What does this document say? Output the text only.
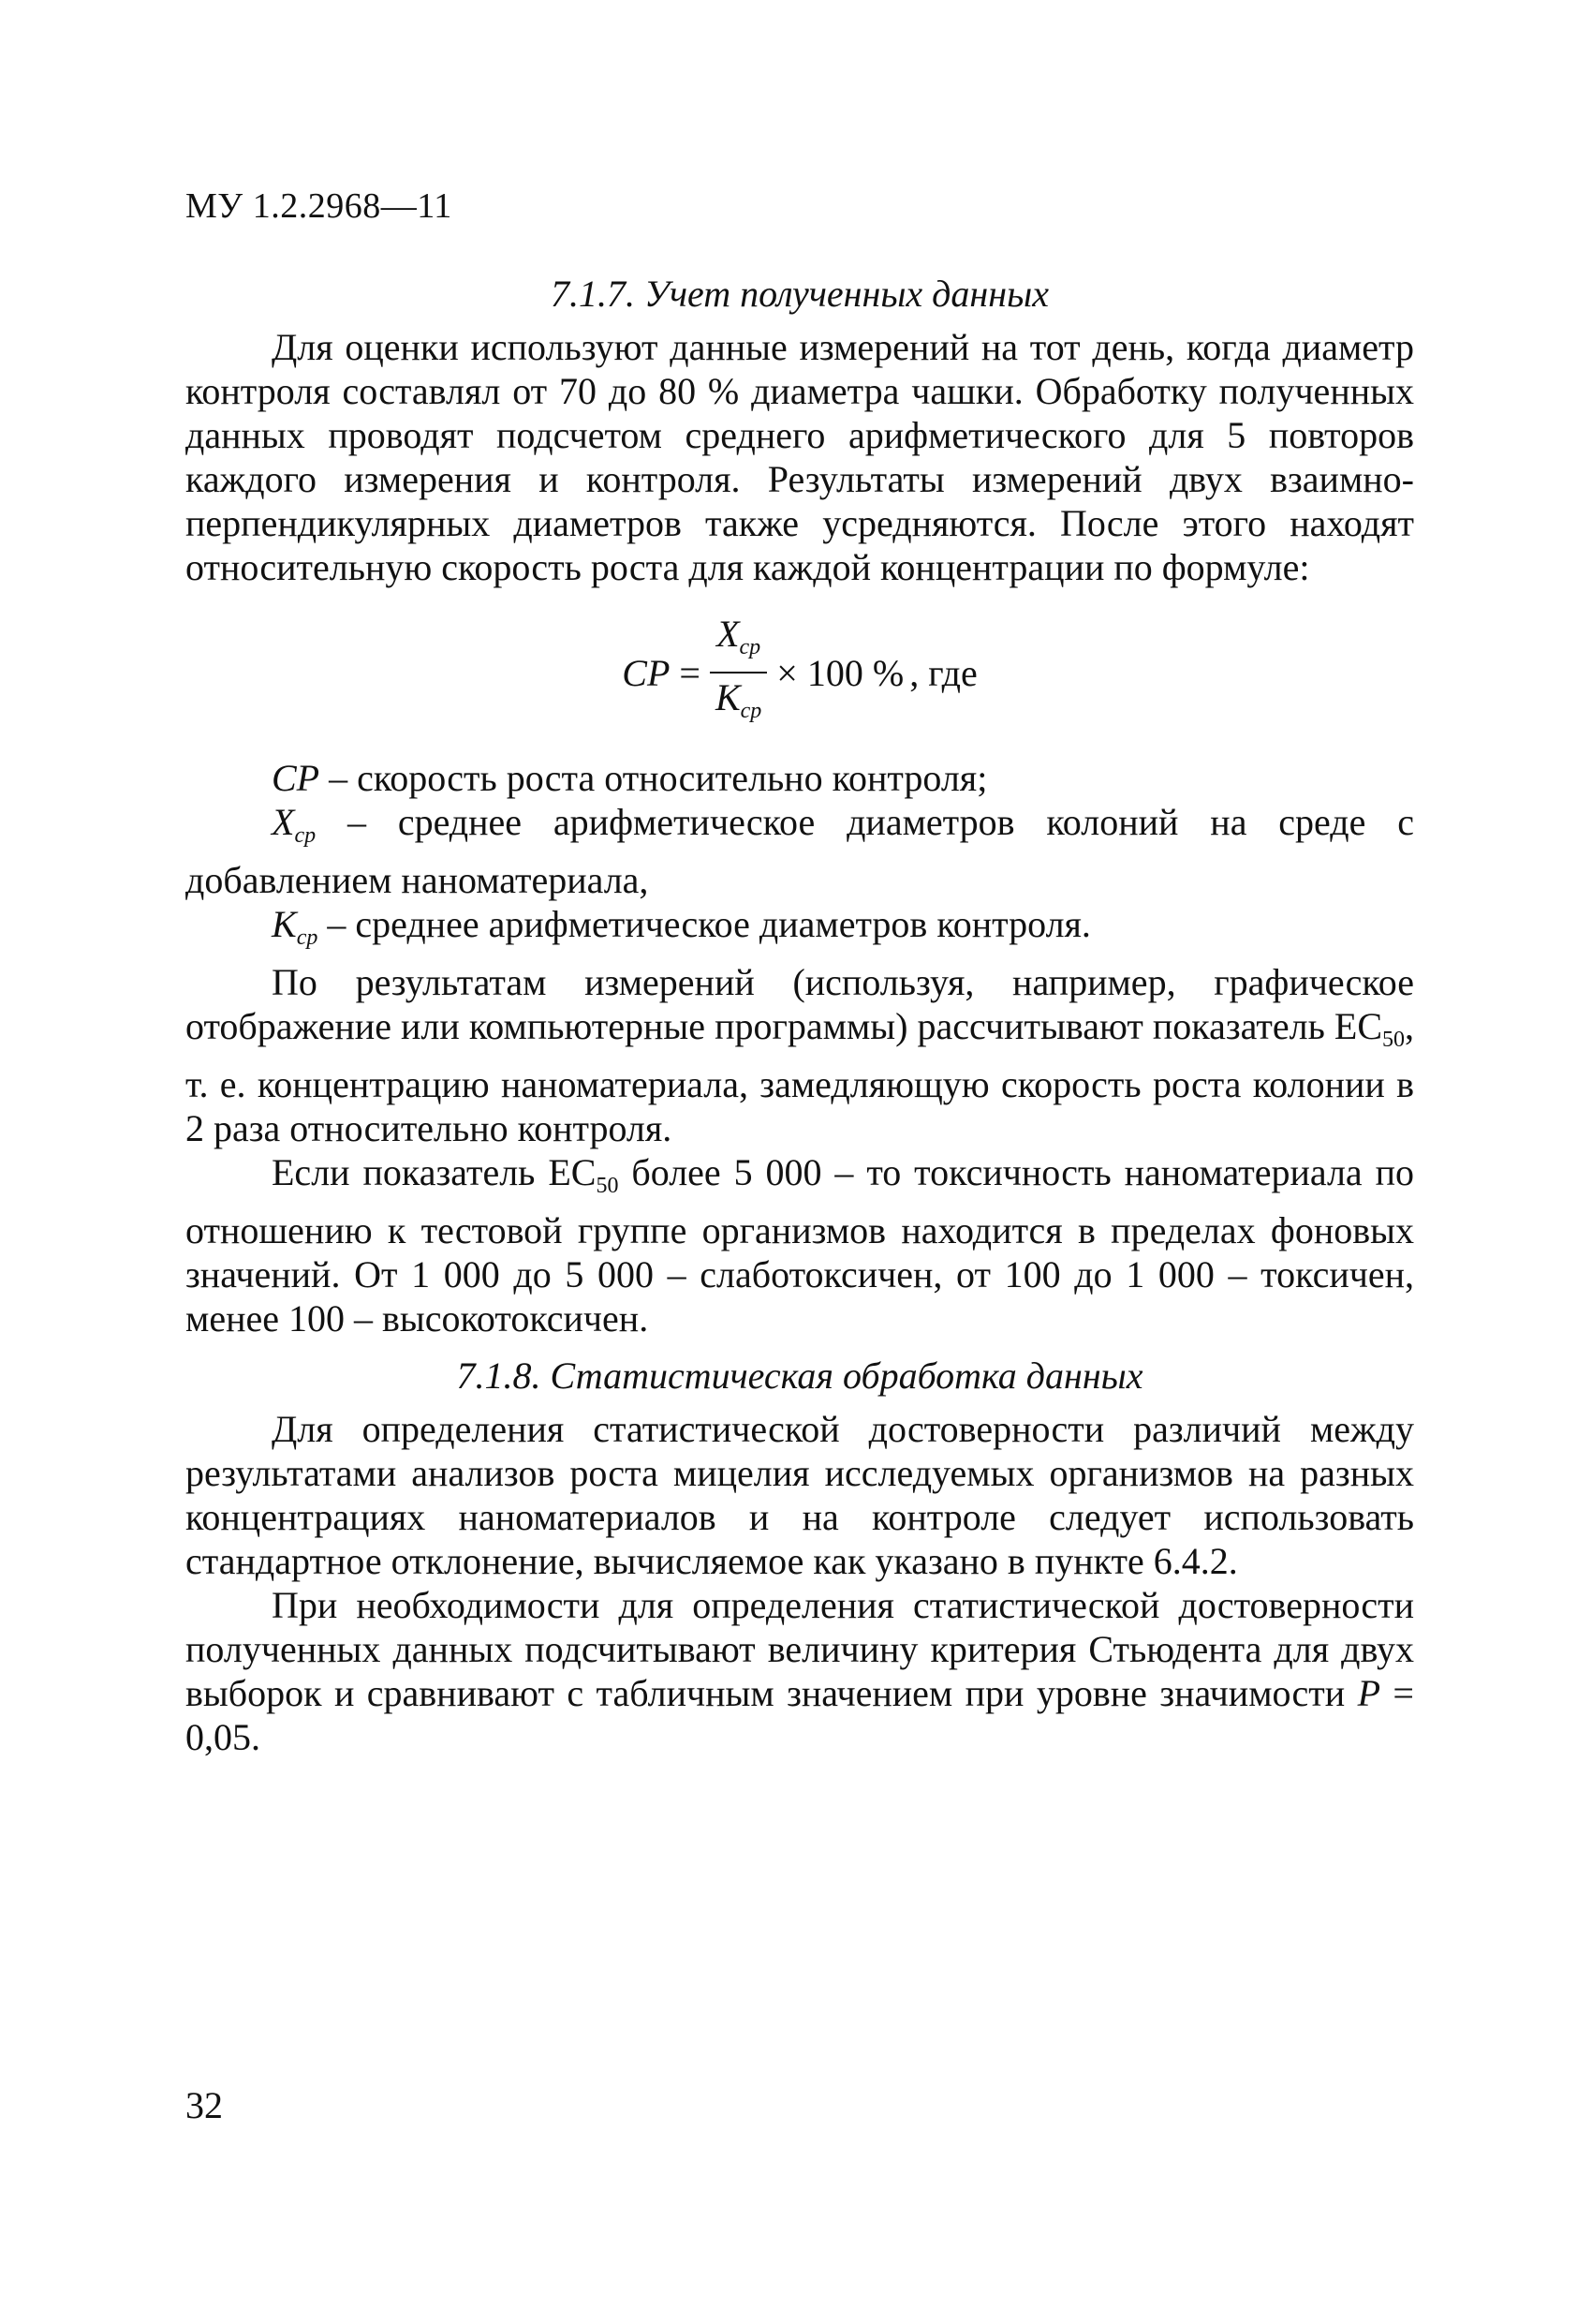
МУ 1.2.2968—11

7.1.7. Учет полученных данных

Для оценки используют данные измерений на тот день, когда диаметр контроля составлял от 70 до 80 % диаметра чашки. Обработку полученных данных проводят подсчетом среднего арифметического для 5 повторов каждого измерения и контроля. Результаты измерений двух взаимно-перпендикулярных диаметров также усредняются. После этого находят относительную скорость роста для каждой концентрации по формуле:

CP = $\frac{X_{ср}}{K_{ср}} \times 100$ % , где

CP – скорость роста относительно контроля;

$X_{ср}$ – среднее арифметическое диаметров колоний на среде с добавлением наноматериала,

$K_{ср}$ – среднее арифметическое диаметров контроля.

По результатам измерений (используя, например, графическое отображение или компьютерные программы) рассчитывают показатель $EC_{50}$, т. е. концентрацию наноматериала, замедляющую скорость роста колонии в 2 раза относительно контроля.

Если показатель $EC_{50}$ более 5 000 – то токсичность наноматериала по отношению к тестовой группе организмов находится в пределах фоновых значений. От 1 000 до 5 000 – слаботоксичен, от 100 до 1 000 – токсичен, менее 100 – высокотоксичен.

7.1.8. Статистическая обработка данных

Для определения статистической достоверности различий между результатами анализов роста мицелия исследуемых организмов на разных концентрациях наноматериалов и на контроле следует использовать стандартное отклонение, вычисляемое как указано в пункте 6.4.2.

При необходимости для определения статистической достоверности полученных данных подсчитывают величину критерия Стьюдента для двух выборок и сравнивают с табличным значением при уровне значимости P = 0,05.

32
